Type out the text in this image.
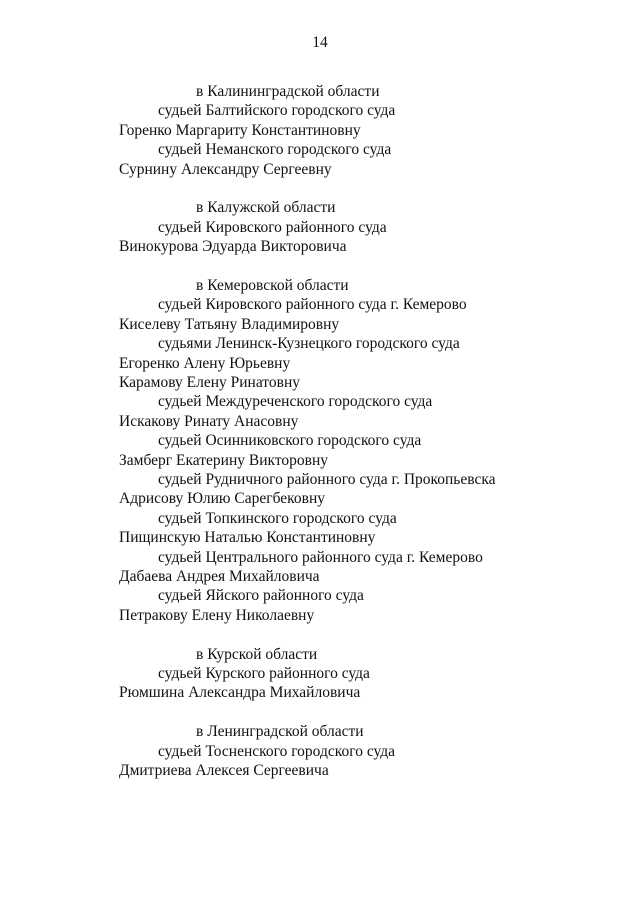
14
в Калининградской области
судьей Балтийского городского суда
Горенко Маргариту Константиновну
судьей Неманского городского суда
Сурнину Александру Сергеевну
в Калужской области
судьей Кировского районного суда
Винокурова Эдуарда Викторовича
в Кемеровской области
судьей Кировского районного суда г. Кемерово
Киселеву Татьяну Владимировну
судьями Ленинск-Кузнецкого городского суда
Егоренко Алену Юрьевну
Карамову Елену Ринатовну
судьей Междуреченского городского суда
Искакову Ринату Анасовну
судьей Осинниковского городского суда
Замберг Екатерину Викторовну
судьей Рудничного районного суда г. Прокопьевска
Адрисову Юлию Сарегбековну
судьей Топкинского городского суда
Пищинскую Наталью Константиновну
судьей Центрального районного суда г. Кемерово
Дабаева Андрея Михайловича
судьей Яйского районного суда
Петракову Елену Николаевну
в Курской области
судьей Курского районного суда
Рюмшина Александра Михайловича
в Ленинградской области
судьей Тосненского городского суда
Дмитриева Алексея Сергеевича
